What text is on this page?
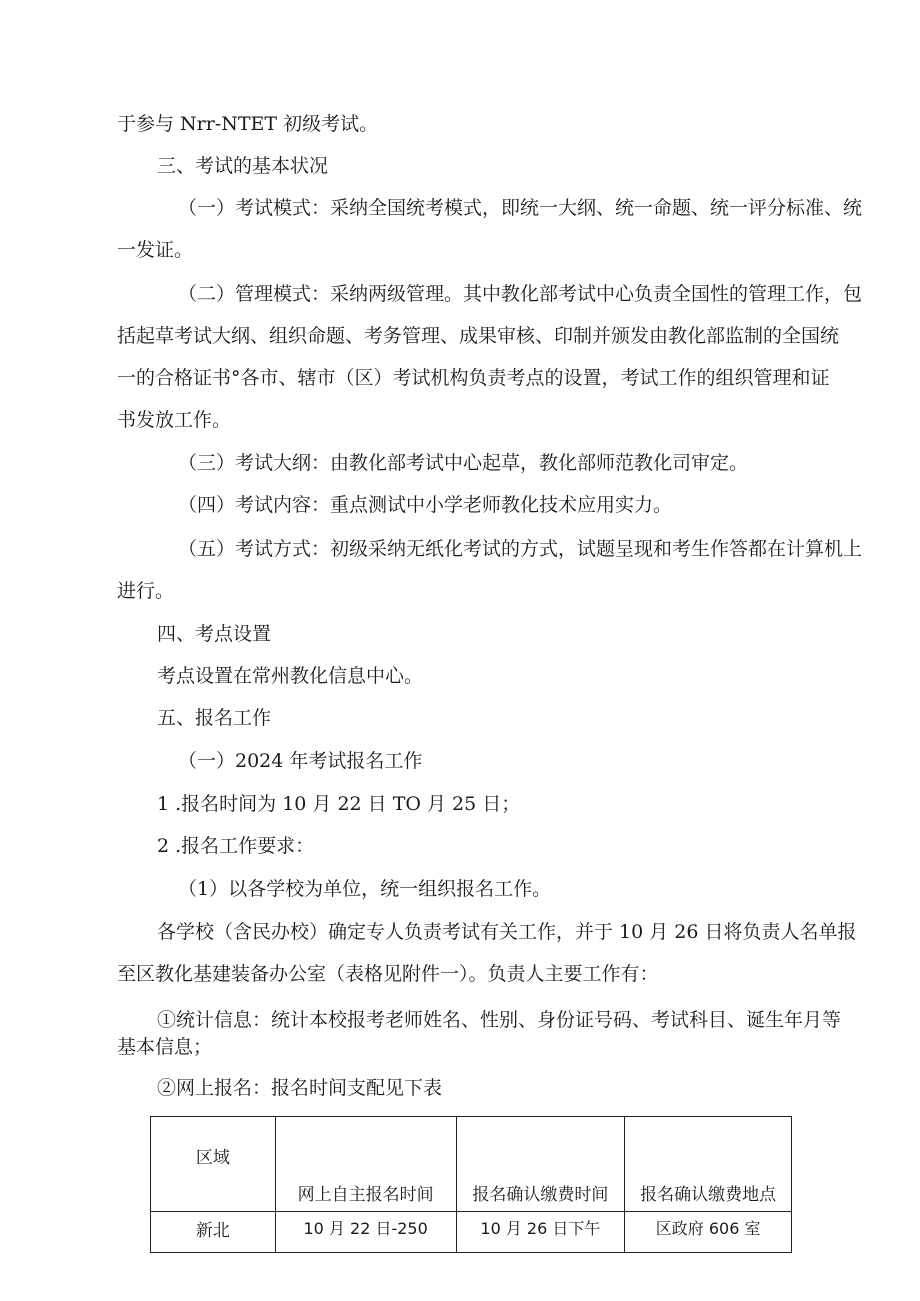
于参与 Nrr-NTET 初级考试。
三、考试的基本状况
（一）考试模式：采纳全国统考模式，即统一大纲、统一命题、统一评分标准、统
一发证。
（二）管理模式：采纳两级管理。其中教化部考试中心负责全国性的管理工作，包
括起草考试大纲、组织命题、考务管理、成果审核、印制并颁发由教化部监制的全国统
一的合格证书°各市、辖市（区）考试机构负责考点的设置，考试工作的组织管理和证
书发放工作。
（三）考试大纲：由教化部考试中心起草，教化部师范教化司审定。
（四）考试内容：重点测试中小学老师教化技术应用实力。
（五）考试方式：初级采纳无纸化考试的方式，试题呈现和考生作答都在计算机上
进行。
四、考点设置
考点设置在常州教化信息中心。
五、报名工作
（一）2024 年考试报名工作
1 .报名时间为 10 月 22 日 TO 月 25 日；
2 .报名工作要求：
（1）以各学校为单位，统一组织报名工作。
各学校（含民办校）确定专人负责考试有关工作，并于 10 月 26 日将负责人名单报
至区教化基建装备办公室（表格见附件一）。负责人主要工作有：
①统计信息：统计本校报考老师姓名、性别、身份证号码、考试科目、诞生年月等
基本信息；
②网上报名：报名时间支配见下表
区域	网上自主报名时间	报名确认缴费时间	报名确认缴费地点
新北	10 月 22 日-250	10 月 26 日下午	区政府 606 室
